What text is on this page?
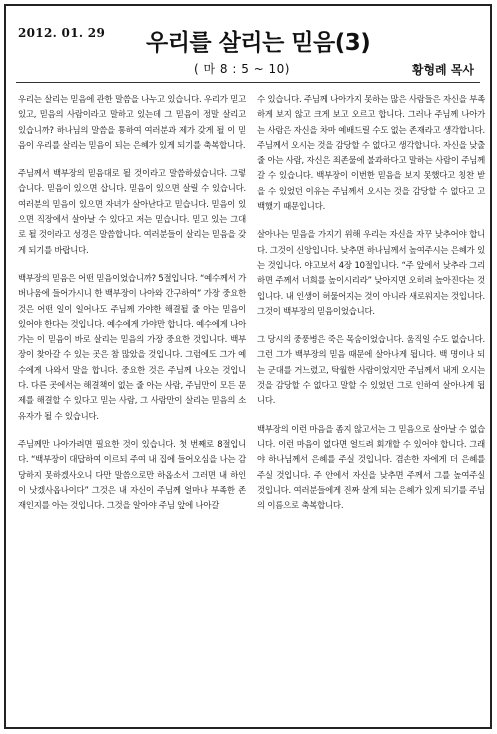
2012. 01. 29 우리를 살리는 믿음(3)
( 마 8 : 5 ~ 10)	황형례 목사

우리는 살리는 믿음에 관한 말씀을 나누고 있습니다. 우리가 믿고 있고, 믿음의 사람이라고 말하고 있는데 그 믿음이 정말 살리고 있습니까? 하나님의 말씀을 통하여 여러분과 제가 갖게 될 이 믿음이 우리를 살리는 믿음이 되는 은혜가 있게 되기를 축복합니다.

주님께서 백부장의 믿음대로 될 것이라고 말씀하셨습니다. 그렇습니다. 믿음이 있으면 삽니다. 믿음이 있으면 살릴 수 있습니다. 여러분의 믿음이 있으면 자녀가 살아난다고 믿습니다. 믿음이 있으면 직장에서 살아날 수 있다고 저는 믿습니다. 믿고 있는 그대로 될 것이라고 성경은 말씀합니다. 여러분들이 살리는 믿음을 갖게 되기를 바랍니다.

백부장의 믿음은 어떤 믿음이었습니까? 5절입니다. “예수께서 가버나움에 들어가시니 한 백부장이 나아와 간구하여” 가장 중요한 것은 어떤 일이 일어나도 주님께 가야한 해결될 줄 아는 믿음이 있어야 한다는 것입니다. 예수에게 가야만 합니다. 예수에게 나아가는 이 믿음이 바로 살리는 믿음의 가장 중요한 것입니다. 백부장이 찾아갈 수 있는 곳은 참 많았을 것입니다. 그럼에도 그가 예수에게 나와서 말을 합니다. 중요한 것은 주님께 나오는 것입니다. 다른 곳에서는 해결책이 없는 줄 아는 사람, 주님만이 모든 문제를 해결할 수 있다고 믿는 사람, 그 사람만이 살리는 믿음의 소유자가 될 수 있습니다.

주님께만 나아가려면 필요한 것이 있습니다. 첫 번째로 8절입니다. “백부장이 대답하여 이르되 주여 내 집에 들어오심을 나는 감당하지 못하겠사오니 다만 말씀으로만 하옵소서 그러면 내 하인이 낫겠사옵나이다” 그것은 내 자신이 주님께 얼마나 부족한 존재인지를 아는 것입니다. 그것을 알아야 주님 앞에 나아갈

수 있습니다. 주님께 나아가지 못하는 많은 사람들은 자신을 부족하게 보지 않고 크게 보고 오르고 합니다. 그러나 주님께 나아가는 사람은 자신을 차마 예배드릴 수도 없는 존재라고 생각합니다. 주님께서 오시는 것을 감당할 수 없다고 생각합니다. 자신을 낮출 줄 아는 사람, 자신은 죄존물에 불과하다고 말하는 사람이 주님께 갈 수 있습니다. 백부장이 이번한 믿음을 보지 못했다고 칭찬 받을 수 있었던 이유는 주님께서 오시는 것을 감당할 수 없다고 고백했기 때문입니다.

살아나는 믿음을 가지기 위해 우리는 자신을 자꾸 낮추어야 합니다. 그것이 신앙입니다. 낮추면 하나님께서 높여주시는 은혜가 있는 것입니다. 야고보서 4장 10절입니다. “주 앞에서 낮추라 그리하면 주께서 너희를 높이시리라” 낮아지면 오히려 높아진다는 것입니다. 내 인생이 허물어지는 것이 아니라 새로워지는 것입니다. 그것이 백부장의 믿음이었습니다.

그 당시의 중풍병은 죽은 목숨이었습니다. 움직일 수도 없습니다. 그런 그가 백부장의 믿음 때문에 살아나게 됩니다. 백 명이나 되는 군대를 거느렸고, 탁월한 사람이었지만 주님께서 내게 오시는 것을 감당할 수 없다고 말할 수 있었던 그로 인하여 살아나게 됩니다.

백부장의 이런 마음을 좀지 않고서는 그 믿음으로 살아날 수 없습니다. 이런 마음이 없다면 얼드려 회개할 수 있어야 합니다. 그래야 하나님께서 은혜를 주실 것입니다. 겸손한 자에게 더 은혜를 주실 것입니다. 주 안에서 자신을 낮추면 주께서 그를 높여주실 것입니다. 여러분들에게 진짜 살게 되는 은혜가 있게 되기를 주님의 이름으로 축복합니다.
